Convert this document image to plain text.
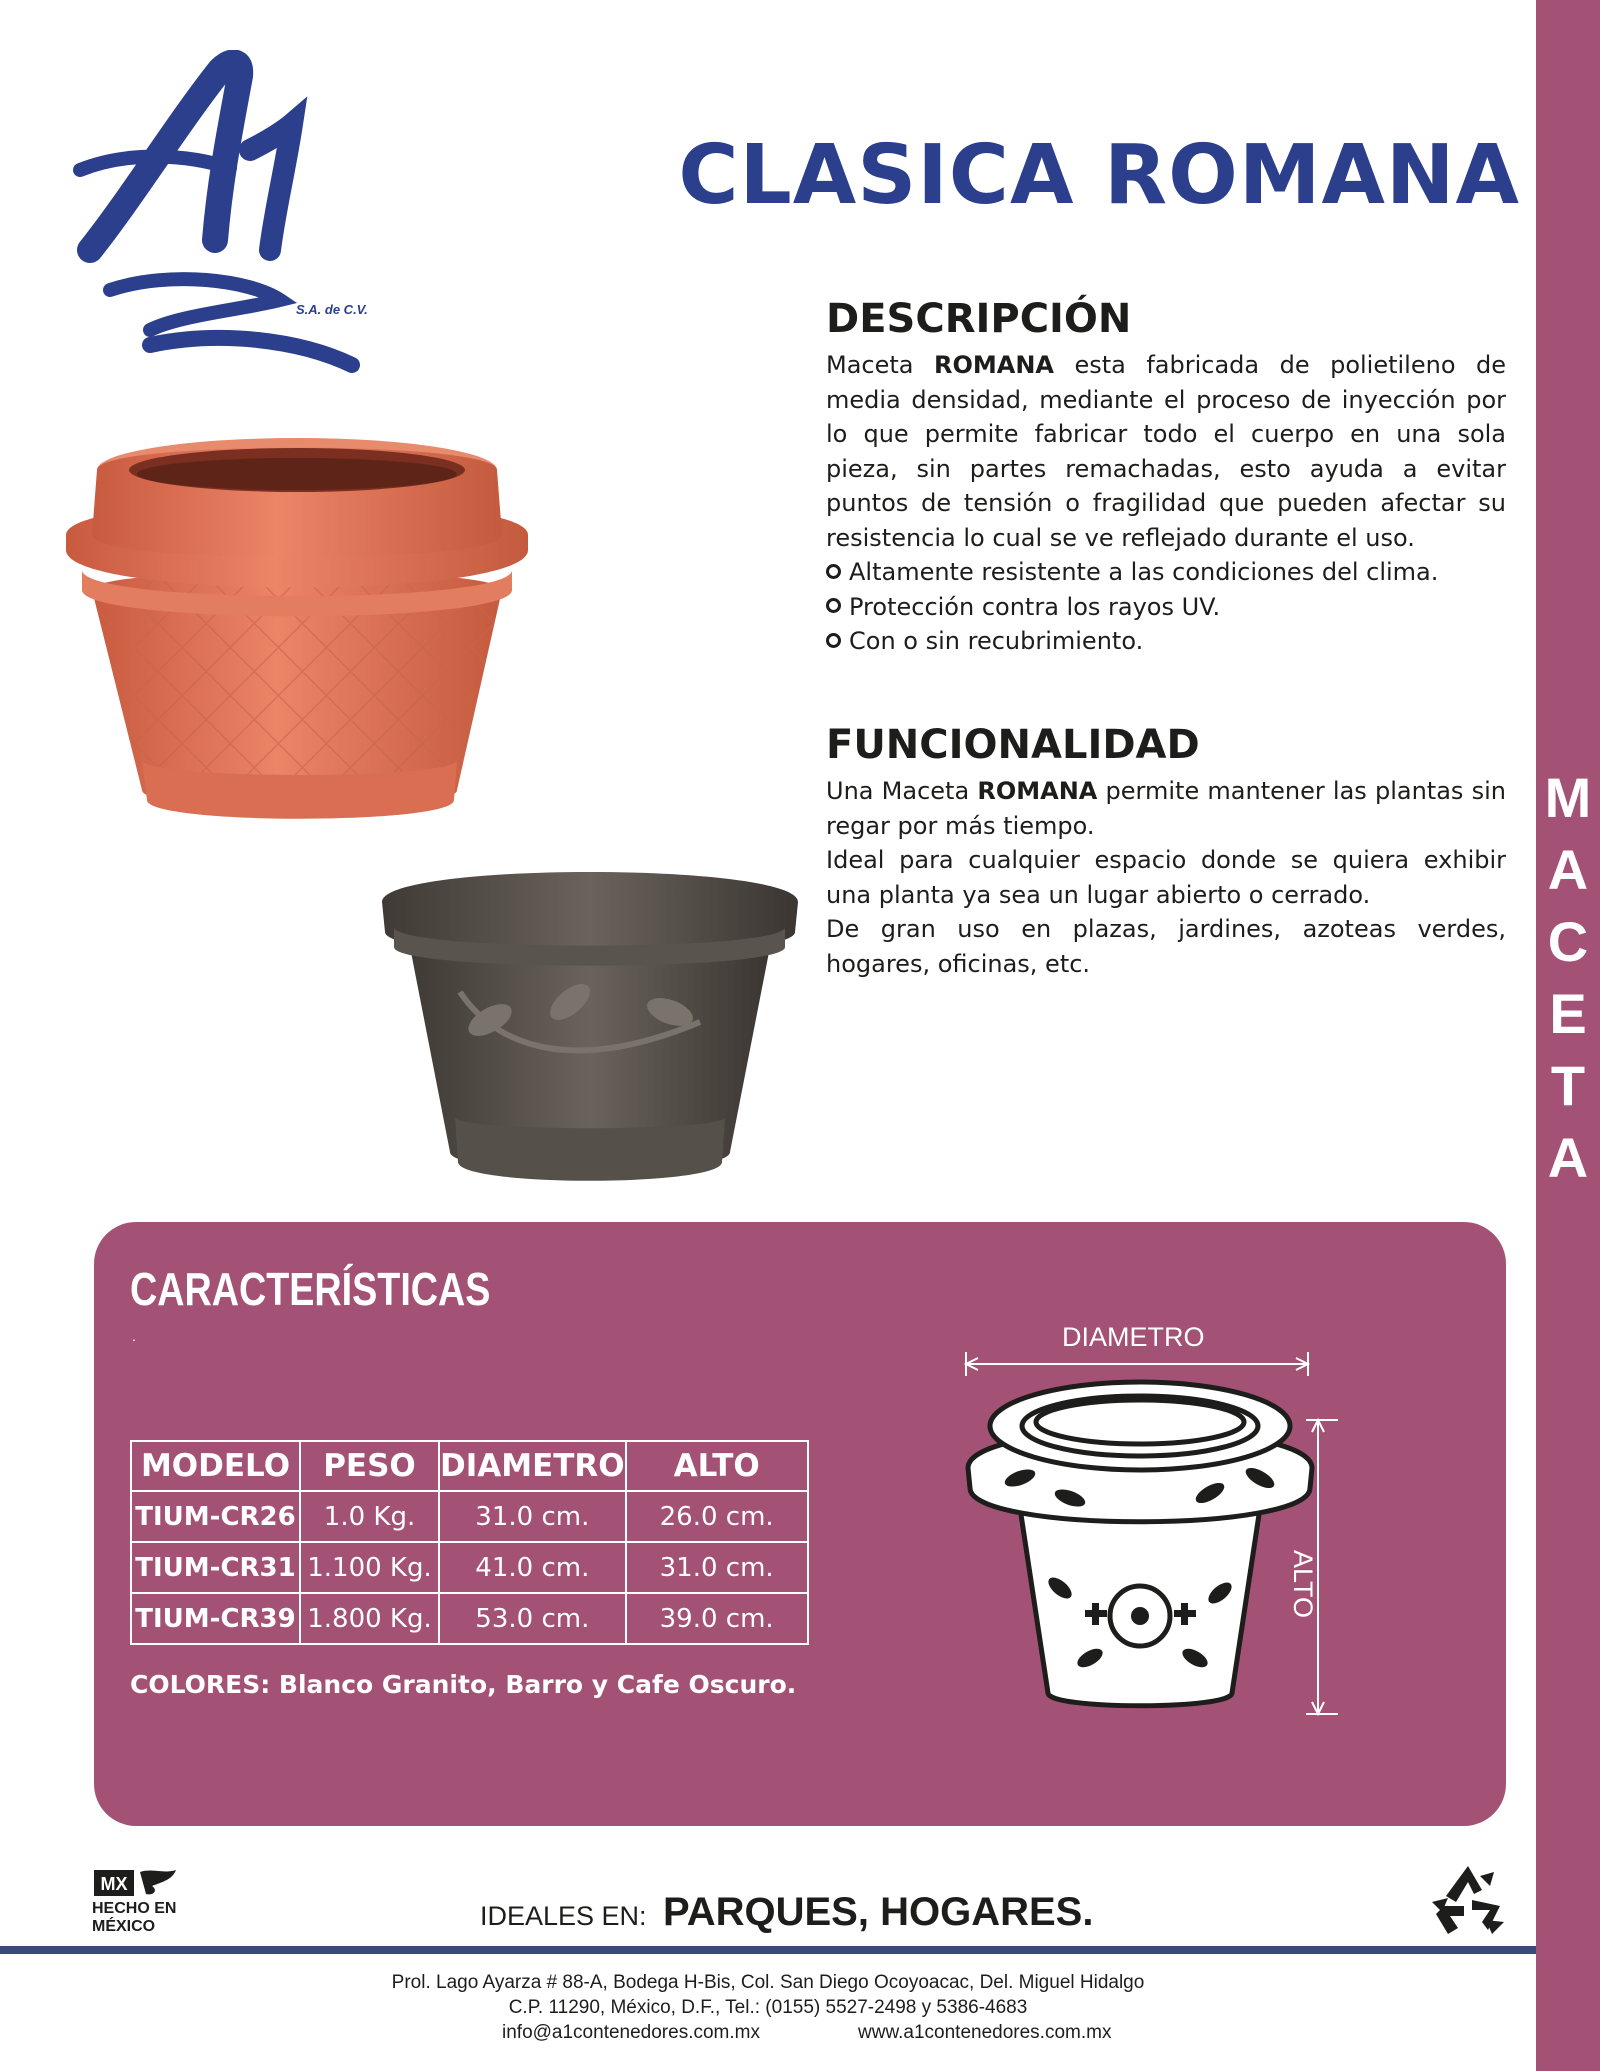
M
A
C
E
T
A
S.A. de C.V.
CLASICA ROMANA
DESCRIPCIÓN
Maceta ROMANA esta fabricada de polietileno de media densidad, mediante el proceso de inyección por lo que permite fabricar todo el cuerpo en una sola pieza, sin partes remachadas, esto ayuda a evitar puntos de tensión o fragilidad que pueden afectar su resistencia lo cual se ve reflejado durante el uso.
Altamente resistente a las condiciones del clima.
Protección contra los rayos UV.
Con o sin recubrimiento.
FUNCIONALIDAD
Una Maceta ROMANA permite mantener las plantas sin regar por más tiempo.
Ideal para cualquier espacio donde se quiera exhibir una planta ya sea un lugar abierto o cerrado.
De gran uso en plazas, jardines, azoteas verdes, hogares, oficinas, etc.
CARACTERÍSTICAS
.
MODELO	PESO	DIAMETRO	ALTO
TIUM-CR26	1.0 Kg.	31.0 cm.	26.0 cm.
TIUM-CR31	1.100 Kg.	41.0 cm.	31.0 cm.
TIUM-CR39	1.800 Kg.	53.0 cm.	39.0 cm.
COLORES: Blanco Granito, Barro y Cafe Oscuro.
DIAMETRO
ALTO
MX
HECHO EN
MÉXICO	IDEALES EN: PARQUES, HOGARES.
Prol. Lago Ayarza # 88-A, Bodega H-Bis, Col. San Diego Ocoyoacac, Del. Miguel Hidalgo
C.P. 11290, México, D.F., Tel.: (0155) 5527-2498 y 5386-4683
info@a1contenedores.com.mx	www.a1contenedores.com.mx
